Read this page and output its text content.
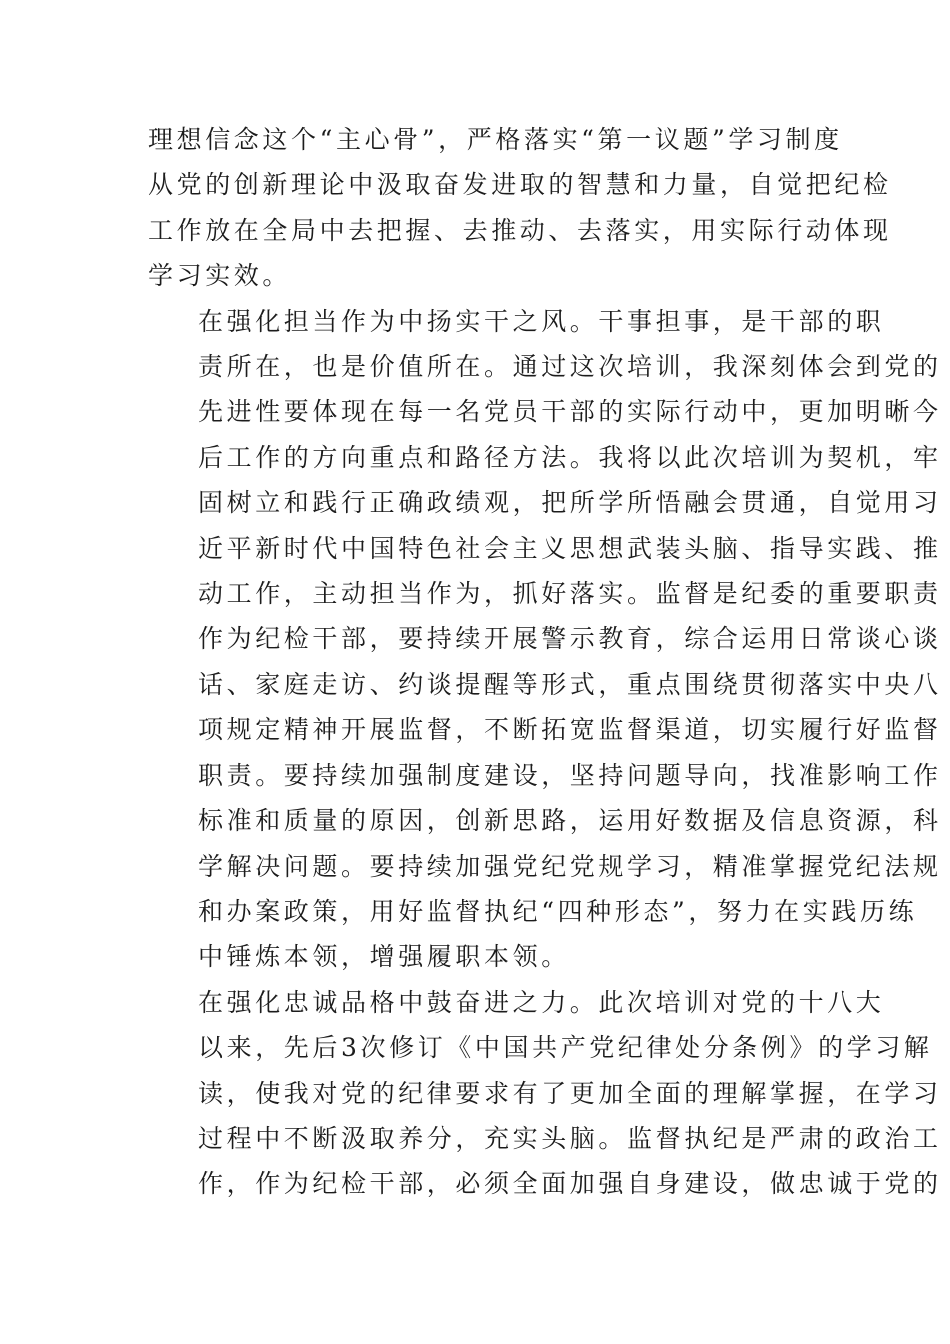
理想信念这个“主心骨”，严格落实“第一议题”学习制度
从党的创新理论中汲取奋发进取的智慧和力量，自觉把纪检
工作放在全局中去把握、去推动、去落实，用实际行动体现
学习实效。
在强化担当作为中扬实干之风。干事担事，是干部的职
责所在，也是价值所在。通过这次培训，我深刻体会到党的
先进性要体现在每一名党员干部的实际行动中，更加明晰今
后工作的方向重点和路径方法。我将以此次培训为契机，牢
固树立和践行正确政绩观，把所学所悟融会贯通，自觉用习
近平新时代中国特色社会主义思想武装头脑、指导实践、推
动工作，主动担当作为，抓好落实。监督是纪委的重要职责
作为纪检干部，要持续开展警示教育，综合运用日常谈心谈
话、家庭走访、约谈提醒等形式，重点围绕贯彻落实中央八
项规定精神开展监督，不断拓宽监督渠道，切实履行好监督
职责。要持续加强制度建设，坚持问题导向，找准影响工作
标准和质量的原因，创新思路，运用好数据及信息资源，科
学解决问题。要持续加强党纪党规学习，精准掌握党纪法规
和办案政策，用好监督执纪“四种形态”，努力在实践历练
中锤炼本领，增强履职本领。
在强化忠诚品格中鼓奋进之力。此次培训对党的十八大
以来，先后3次修订《中国共产党纪律处分条例》的学习解
读，使我对党的纪律要求有了更加全面的理解掌握，在学习
过程中不断汲取养分，充实头脑。监督执纪是严肃的政治工
作，作为纪检干部，必须全面加强自身建设，做忠诚于党的
